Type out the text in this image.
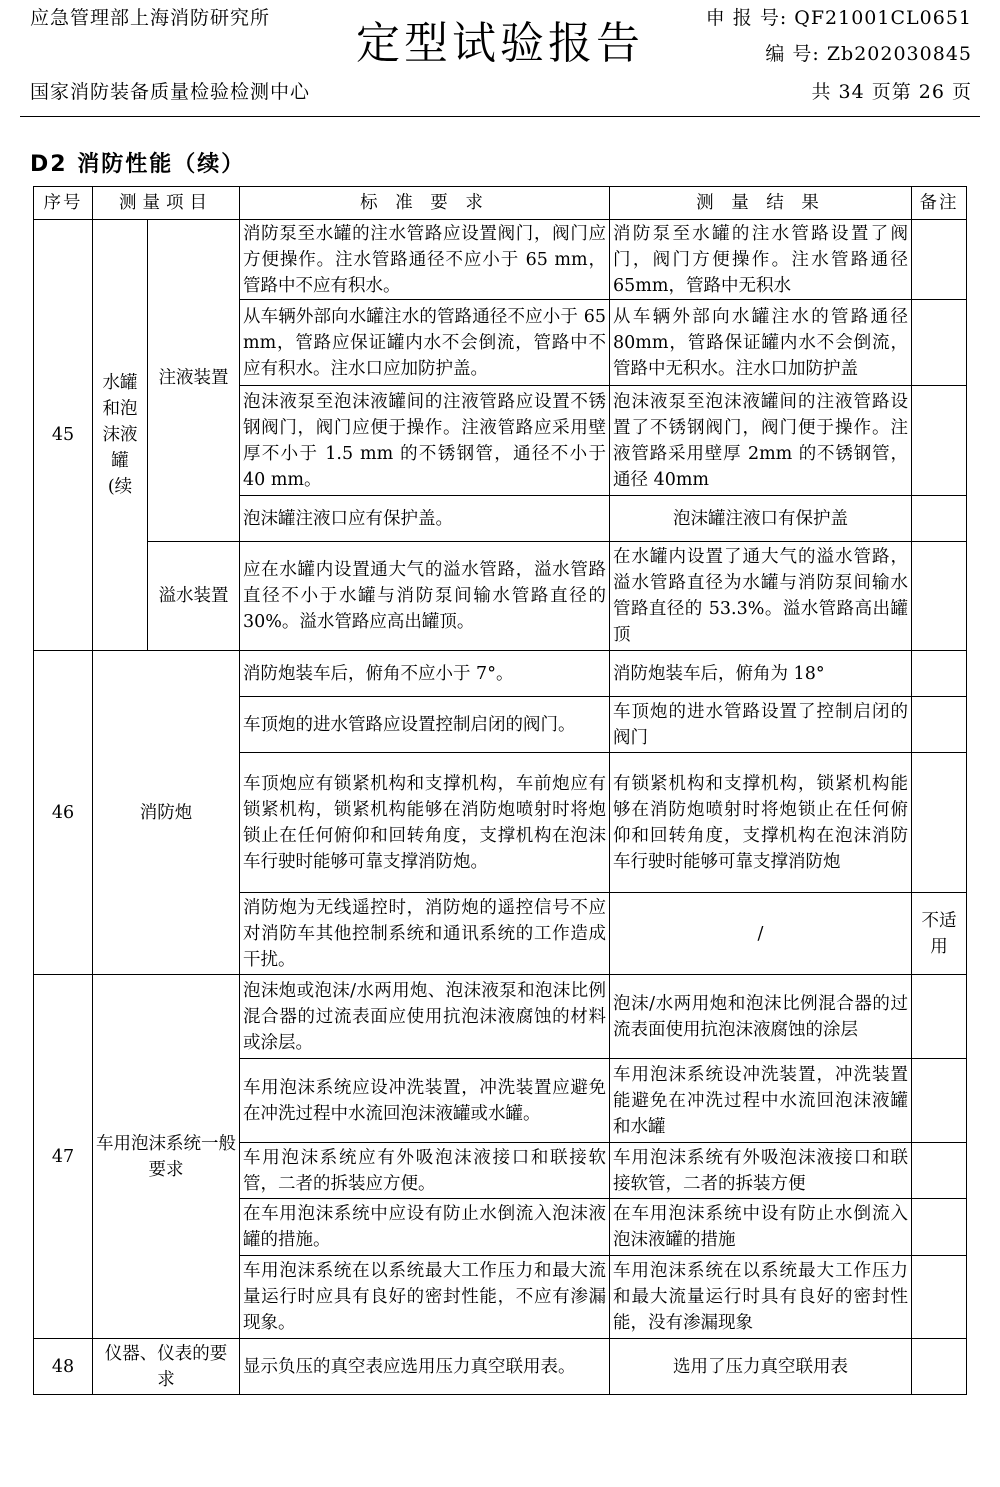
应急管理部上海消防研究所
国家消防装备质量检验检测中心
定型试验报告	申 报 号: QF21001CL0651
编 号: Zb202030845
共 34 页第 26 页
D2 消防性能（续）
序号	测量项目		标 准 要 求	测 量 结 果	备注
45	水罐和泡沫液罐(续	注液装置	消防泵至水罐的注水管路应设置阀门，阀门应方便操作。注水管路通径不应小于 65 mm，管路中不应有积水。	消防泵至水罐的注水管路设置了阀门，阀门方便操作。注水管路通径65mm，管路中无积水	
			从车辆外部向水罐注水的管路通径不应小于 65 mm，管路应保证罐内水不会倒流，管路中不应有积水。注水口应加防护盖。	从车辆外部向水罐注水的管路通径80mm，管路保证罐内水不会倒流，管路中无积水。注水口加防护盖	
			泡沫液泵至泡沫液罐间的注液管路应设置不锈钢阀门，阀门应便于操作。注液管路应采用壁厚不小于 1.5 mm 的不锈钢管，通径不小于 40 mm。	泡沫液泵至泡沫液罐间的注液管路设置了不锈钢阀门，阀门便于操作。注液管路采用壁厚 2mm 的不锈钢管，通径 40mm	
			泡沫罐注液口应有保护盖。	泡沫罐注液口有保护盖	
		溢水装置	应在水罐内设置通大气的溢水管路，溢水管路直径不小于水罐与消防泵间输水管路直径的 30%。溢水管路应高出罐顶。	在水罐内设置了通大气的溢水管路，溢水管路直径为水罐与消防泵间输水管路直径的 53.3%。溢水管路高出罐顶	
46	消防炮		消防炮装车后，俯角不应小于 7°。	消防炮装车后，俯角为 18°	
			车顶炮的进水管路应设置控制启闭的阀门。	车顶炮的进水管路设置了控制启闭的阀门	
			车顶炮应有锁紧机构和支撑机构，车前炮应有锁紧机构，锁紧机构能够在消防炮喷射时将炮锁止在任何俯仰和回转角度，支撑机构在泡沫车行驶时能够可靠支撑消防炮。	有锁紧机构和支撑机构，锁紧机构能够在消防炮喷射时将炮锁止在任何俯仰和回转角度，支撑机构在泡沫消防车行驶时能够可靠支撑消防炮	
			消防炮为无线遥控时，消防炮的遥控信号不应对消防车其他控制系统和通讯系统的工作造成干扰。	/	不适用
47	车用泡沫系统一般要求		泡沫炮或泡沫/水两用炮、泡沫液泵和泡沫比例混合器的过流表面应使用抗泡沫液腐蚀的材料或涂层。	泡沫/水两用炮和泡沫比例混合器的过流表面使用抗泡沫液腐蚀的涂层	
			车用泡沫系统应设冲洗装置，冲洗装置应避免在冲洗过程中水流回泡沫液罐或水罐。	车用泡沫系统设冲洗装置，冲洗装置能避免在冲洗过程中水流回泡沫液罐和水罐	
			车用泡沫系统应有外吸泡沫液接口和联接软管，二者的拆装应方便。	车用泡沫系统有外吸泡沫液接口和联接软管，二者的拆装方便	
			在车用泡沫系统中应设有防止水倒流入泡沫液罐的措施。	在车用泡沫系统中设有防止水倒流入泡沫液罐的措施	
			车用泡沫系统在以系统最大工作压力和最大流量运行时应具有良好的密封性能，不应有渗漏现象。	车用泡沫系统在以系统最大工作压力和最大流量运行时具有良好的密封性能，没有渗漏现象	
48	仪器、仪表的要求		显示负压的真空表应选用压力真空联用表。	选用了压力真空联用表	
